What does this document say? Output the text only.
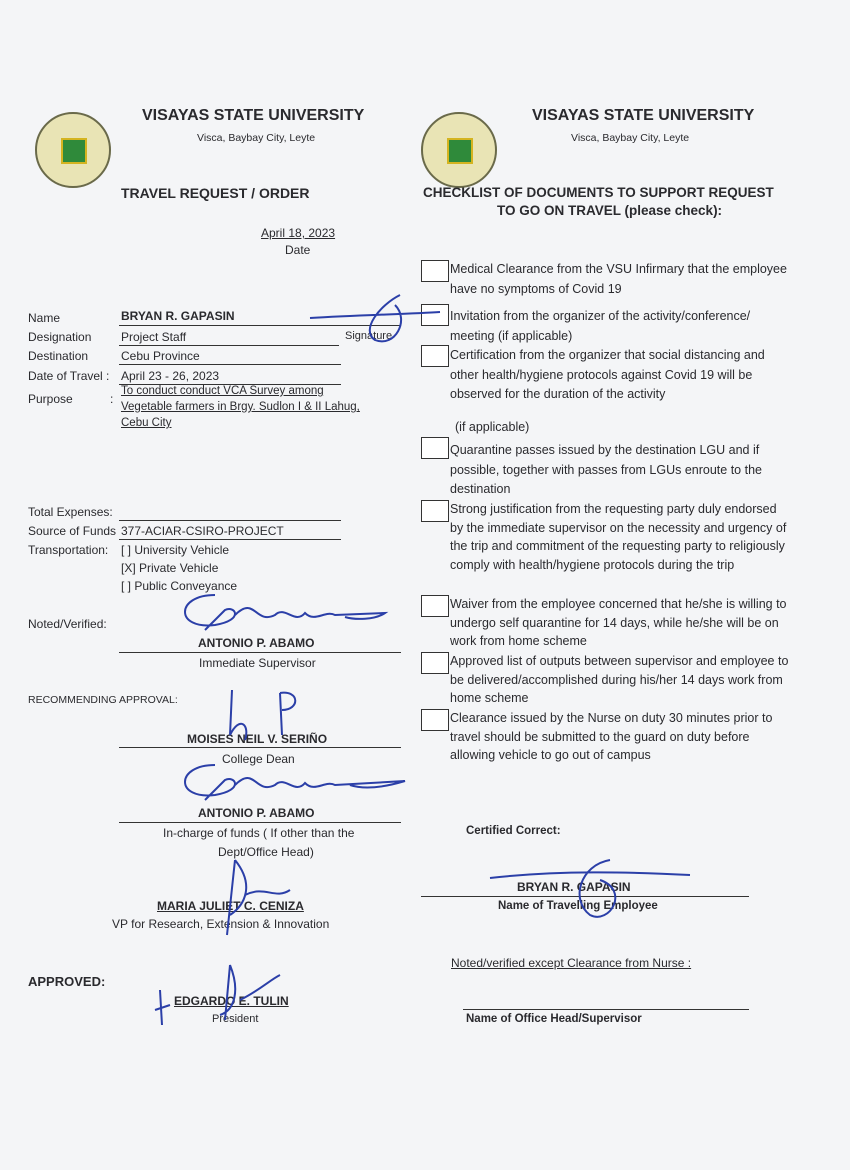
VISAYAS STATE UNIVERSITY
Visca, Baybay City, Leyte
TRAVEL REQUEST / ORDER
April 18, 2023
Date
Name	BRYAN R. GAPASIN
Designation Project Staff	Signature
Destination	Cebu Province
Date of Travel : April 23 - 26, 2023
Purpose	:
To conduct conduct VCA Survey among
Vegetable farmers in Brgy. Sudlon I & II Lahug,
Cebu City
Total Expenses:
Source of Funds 377-ACIAR-CSIRO-PROJECT
Transportation: [ ] University Vehicle
[X] Private Vehicle
[ ] Public Conveyance
Noted/Verified:
ANTONIO P. ABAMO
Immediate Supervisor
RECOMMENDING APPROVAL:
MOISES NEIL V. SERIÑO
College Dean
ANTONIO P. ABAMO
In-charge of funds ( If other than the
Dept/Office Head)
MARIA JULIET C. CENIZA
VP for Research, Extension & Innovation
APPROVED:
EDGARDO E. TULIN
President
VISAYAS STATE UNIVERSITY
Visca, Baybay City, Leyte
CHECKLIST OF DOCUMENTS TO SUPPORT REQUEST
TO GO ON TRAVEL (please check):
Medical Clearance from the VSU Infirmary that the employee have no symptoms of Covid 19
Invitation from the organizer of the activity/conference/ meeting (if applicable)
Certification from the organizer that social distancing and other health/hygiene protocols against Covid 19 will be observed for the duration of the activity
(if applicable)
Quarantine passes issued by the destination LGU and if possible, together with passes from LGUs enroute to the destination
Strong justification from the requesting party duly endorsed by the immediate supervisor on the necessity and urgency of the trip and commitment of the requesting party to religiously comply with health/hygiene protocols during the trip
Waiver from the employee concerned that he/she is willing to undergo self quarantine for 14 days, while he/she will be on work from home scheme
Approved list of outputs between supervisor and employee to be delivered/accomplished during his/her 14 days work from home scheme
Clearance issued by the Nurse on duty 30 minutes prior to travel should be submitted to the guard on duty before allowing vehicle to go out of campus
Certified Correct:
BRYAN R. GAPASIN
Name of Travelling Employee
Noted/verified except Clearance from Nurse :
Name of Office Head/Supervisor
